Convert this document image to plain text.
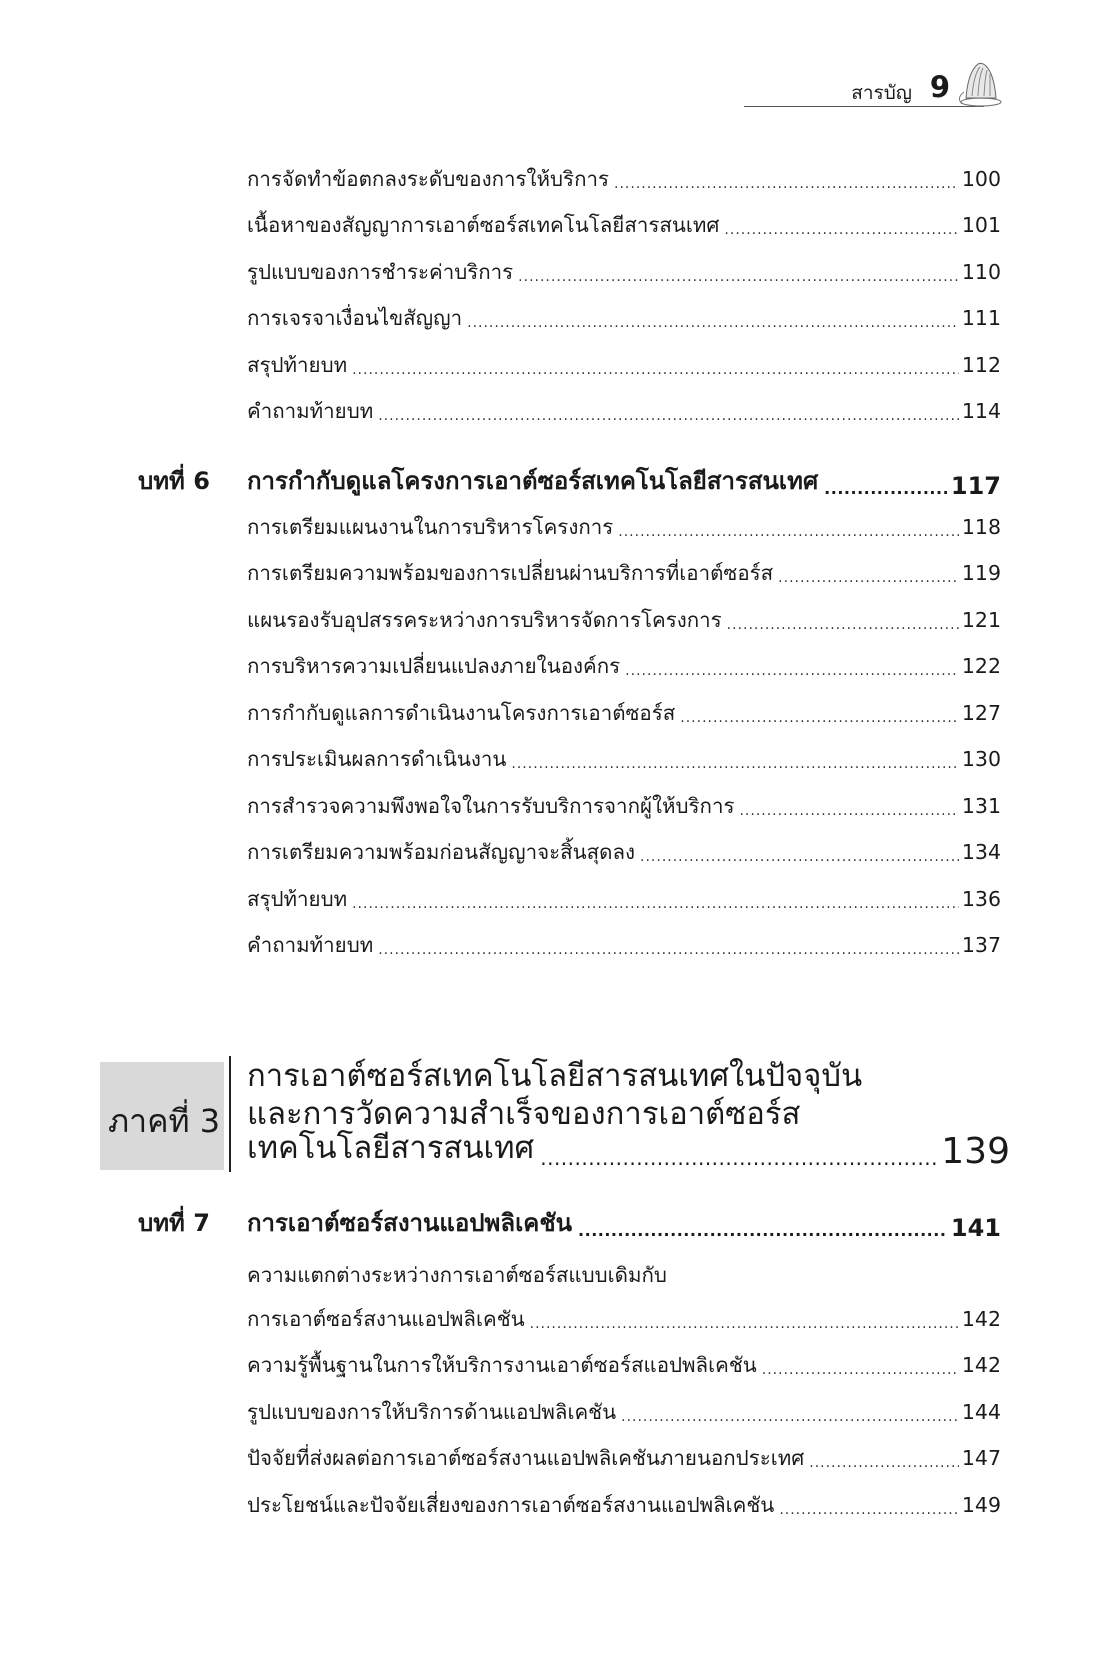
สารบัญ 9
การจัดทำข้อตกลงระดับของการให้บริการ .....	100
เนื้อหาของสัญญาการเอาต์ซอร์สเทคโนโลยีสารสนเทศ .....	101
รูปแบบของการชำระค่าบริการ .....	110
การเจรจาเงื่อนไขสัญญา .....	111
สรุปท้ายบท .....	112
คำถามท้ายบท .....	114
บทที่ 6	การกำกับดูแลโครงการเอาต์ซอร์สเทคโนโลยีสารสนเทศ .....	117
การเตรียมแผนงานในการบริหารโครงการ .....	118
การเตรียมความพร้อมของการเปลี่ยนผ่านบริการที่เอาต์ซอร์ส .....	119
แผนรองรับอุปสรรคระหว่างการบริหารจัดการโครงการ .....	121
การบริหารความเปลี่ยนแปลงภายในองค์กร .....	122
การกำกับดูแลการดำเนินงานโครงการเอาต์ซอร์ส .....	127
การประเมินผลการดำเนินงาน .....	130
การสำรวจความพึงพอใจในการรับบริการจากผู้ให้บริการ .....	131
การเตรียมความพร้อมก่อนสัญญาจะสิ้นสุดลง .....	134
สรุปท้ายบท .....	136
คำถามท้ายบท .....	137
ภาคที่ 3
การเอาต์ซอร์สเทคโนโลยีสารสนเทศในปัจจุบัน
และการวัดความสำเร็จของการเอาต์ซอร์ส
เทคโนโลยีสารสนเทศ .....	139
บทที่ 7	การเอาต์ซอร์สงานแอปพลิเคชัน .....	141
ความแตกต่างระหว่างการเอาต์ซอร์สแบบเดิมกับ
การเอาต์ซอร์สงานแอปพลิเคชัน .....	142
ความรู้พื้นฐานในการให้บริการงานเอาต์ซอร์สแอปพลิเคชัน .....	142
รูปแบบของการให้บริการด้านแอปพลิเคชัน .....	144
ปัจจัยที่ส่งผลต่อการเอาต์ซอร์สงานแอปพลิเคชันภายนอกประเทศ .....	147
ประโยชน์และปัจจัยเสี่ยงของการเอาต์ซอร์สงานแอปพลิเคชัน .....	149
